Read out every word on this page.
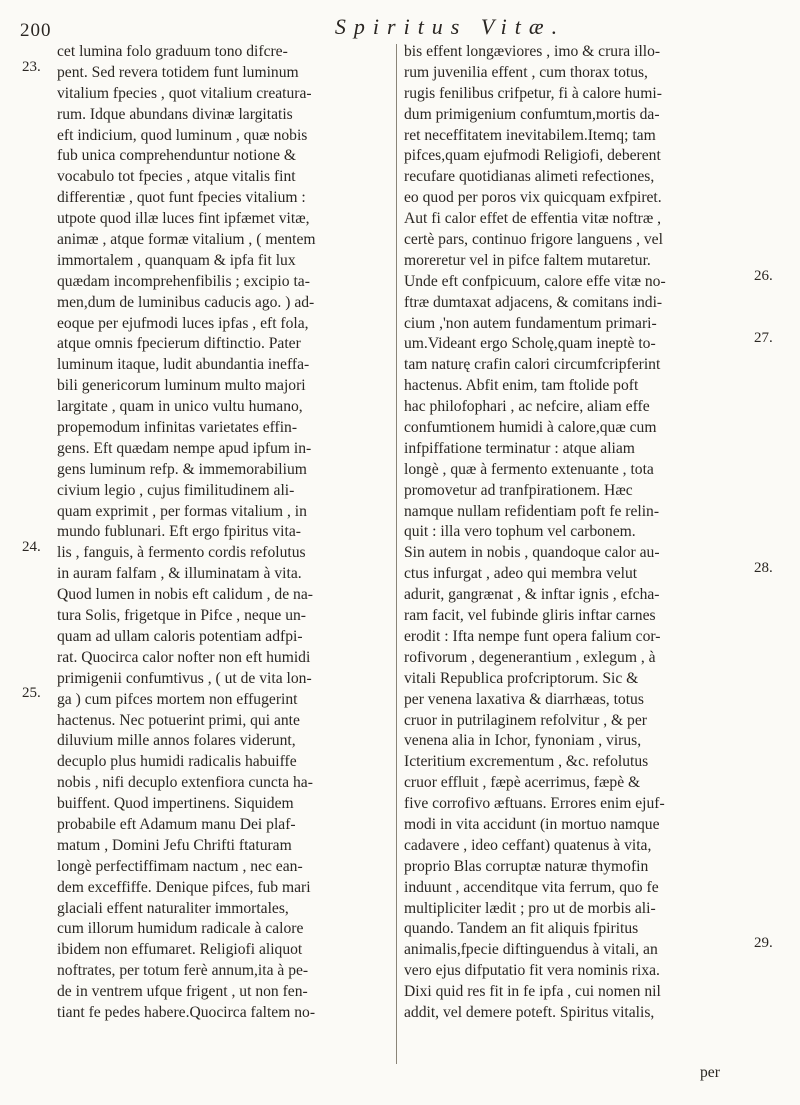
200	Spiritus Vitæ.
cet lumina folo graduum tono difcre-
pent. Sed revera totidem funt luminum
vitalium fpecies , quot vitalium creatura-
rum. Idque abundans divinæ largitatis
eft indicium, quod luminum , quæ nobis
fub unica comprehenduntur notione &
vocabulo tot fpecies , atque vitalis fint
differentiæ , quot funt fpecies vitalium :
utpote quod illæ luces fint ipfæmet vitæ,
animæ , atque formæ vitalium , ( mentem
immortalem , quanquam & ipfa fit lux
quædam incomprehenfibilis ; excipio ta-
men,dum de luminibus caducis ago. ) ad-
eoque per ejufmodi luces ipfas , eft fola,
atque omnis fpecierum diftinctio. Pater
luminum itaque, ludit abundantia ineffa-
bili genericorum luminum multo majori
largitate , quam in unico vultu humano,
propemodum infinitas varietates effin-
gens. Eft quædam nempe apud ipfum in-
gens luminum refp. & immemorabilium
civium legio , cujus fimilitudinem ali-
quam exprimit , per formas vitalium , in
mundo fublunari. Eft ergo fpiritus vita-
lis , fanguis, à fermento cordis refolutus
in auram falfam , & illuminatam à vita.
Quod lumen in nobis eft calidum , de na-
tura Solis, frigetque in Pifce , neque un-
quam ad ullam caloris potentiam adfpi-
rat. Quocirca calor nofter non eft humidi
primigenii confumtivus , ( ut de vita lon-
ga ) cum pifces mortem non effugerint
hactenus. Nec potuerint primi, qui ante
diluvium mille annos folares viderunt,
decuplo plus humidi radicalis habuiffe
nobis , nifi decuplo extenfiora cuncta ha-
buiffent. Quod impertinens. Siquidem
probabile eft Adamum manu Dei plaf-
matum , Domini Jefu Chrifti ftaturam
longè perfectiffimam nactum , nec ean-
dem exceffiffe. Denique pifces, fub mari
glaciali effent naturaliter immortales,
cum illorum humidum radicale à calore
ibidem non effumaret. Religiofi aliquot
noftrates, per totum ferè annum,ita à pe-
de in ventrem ufque frigent , ut non fen-
tiant fe pedes habere.Quocirca faltem no-
bis effent longæviores , imo & crura illo-
rum juvenilia effent , cum thorax totus,
rugis fenilibus crifpetur, fi à calore humi-
dum primigenium confumtum,mortis da-
ret neceffitatem inevitabilem.Itemq; tam
pifces,quam ejufmodi Religiofi, deberent
recufare quotidianas alimeti refectiones,
eo quod per poros vix quicquam exfpiret.
Aut fi calor effet de effentia vitæ noftræ ,
certè pars, continuo frigore languens , vel
moreretur vel in pifce faltem mutaretur.
Unde eft confpicuum, calore effe vitæ no-
ftræ dumtaxat adjacens, & comitans indi-
cium ,'non autem fundamentum primari-
um.Videant ergo Scholę,quam ineptè to-
tam naturę crafin calori circumfcripferint
hactenus. Abfit enim, tam ftolide poft
hac philofophari , ac nefcire, aliam effe
confumtionem humidi à calore,quæ cum
infpiffatione terminatur : atque aliam
longè , quæ à fermento extenuante , tota
promovetur ad tranfpirationem. Hæc
namque nullam refidentiam poft fe relin-
quit : illa vero tophum vel carbonem.
Sin autem in nobis , quandoque calor au-
ctus infurgat , adeo qui membra velut
adurit, gangrænat , & inftar ignis , efcha-
ram facit, vel fubinde gliris inftar carnes
erodit : Ifta nempe funt opera falium cor-
rofivorum , degenerantium , exlegum , à
vitali Republica profcriptorum. Sic &
per venena laxativa & diarrhæas, totus
cruor in putrilaginem refolvitur , & per
venena alia in Ichor, fynoniam , virus,
Icteritium excrementum , &c. refolutus
cruor effluit , fæpè acerrimus, fæpè &
five corrofivo æftuans. Errores enim ejuf-
modi in vita accidunt (in mortuo namque
cadavere , ideo ceffant) quatenus à vita,
proprio Blas corruptæ naturæ thymofin
induunt , accenditque vita ferrum, quo fe
multipliciter lædit ; pro ut de morbis ali-
quando. Tandem an fit aliquis fpiritus
animalis,fpecie diftinguendus à vitali, an
vero ejus difputatio fit vera nominis rixa.
Dixi quid res fit in fe ipfa , cui nomen nil
addit, vel demere poteft. Spiritus vitalis,
23.
24.
25.
26.
27.
28.
29.
per
